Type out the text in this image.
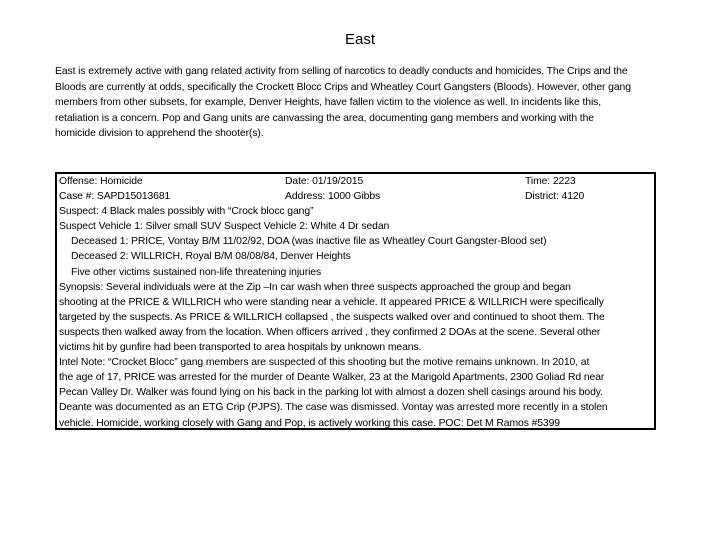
East
East is extremely active with gang related activity from selling of narcotics to deadly conducts and homicides. The Crips and the
Bloods are currently at odds, specifically the Crockett Blocc Crips and Wheatley Court Gangsters (Bloods). However, other gang
members from other subsets, for example, Denver Heights, have fallen victim to the violence as well. In incidents like this,
retaliation is a concern. Pop and Gang units are canvassing the area, documenting gang members and working with the
homicide division to apprehend the shooter(s).
Offense: Homicide	Date: 01/19/2015	Time: 2223
Case #: SAPD15013681	Address: 1000 Gibbs	District: 4120
Suspect: 4 Black males possibly with “Crock blocc gang”
Suspect Vehicle 1: Silver small SUV Suspect Vehicle 2: White 4 Dr sedan
Deceased 1: PRICE, Vontay B/M 11/02/92, DOA (was inactive file as Wheatley Court Gangster-Blood set)
Deceased 2: WILLRICH, Royal B/M 08/08/84, Denver Heights
Five other victims sustained non-life threatening injuries
Synopsis: Several individuals were at the Zip –In car wash when three suspects approached the group and began
shooting at the PRICE & WILLRICH who were standing near a vehicle. It appeared PRICE & WILLRICH were specifically
targeted by the suspects. As PRICE & WILLRICH collapsed , the suspects walked over and continued to shoot them. The
suspects then walked away from the location. When officers arrived , they confirmed 2 DOAs at the scene. Several other
victims hit by gunfire had been transported to area hospitals by unknown means.
Intel Note: “Crocket Blocc” gang members are suspected of this shooting but the motive remains unknown. In 2010, at
the age of 17, PRICE was arrested for the murder of Deante Walker, 23 at the Marigold Apartments, 2300 Goliad Rd near
Pecan Valley Dr. Walker was found lying on his back in the parking lot with almost a dozen shell casings around his body.
Deante was documented as an ETG Crip (PJPS). The case was dismissed. Vontay was arrested more recently in a stolen
vehicle. Homicide, working closely with Gang and Pop, is actively working this case. POC: Det M Ramos #5399
